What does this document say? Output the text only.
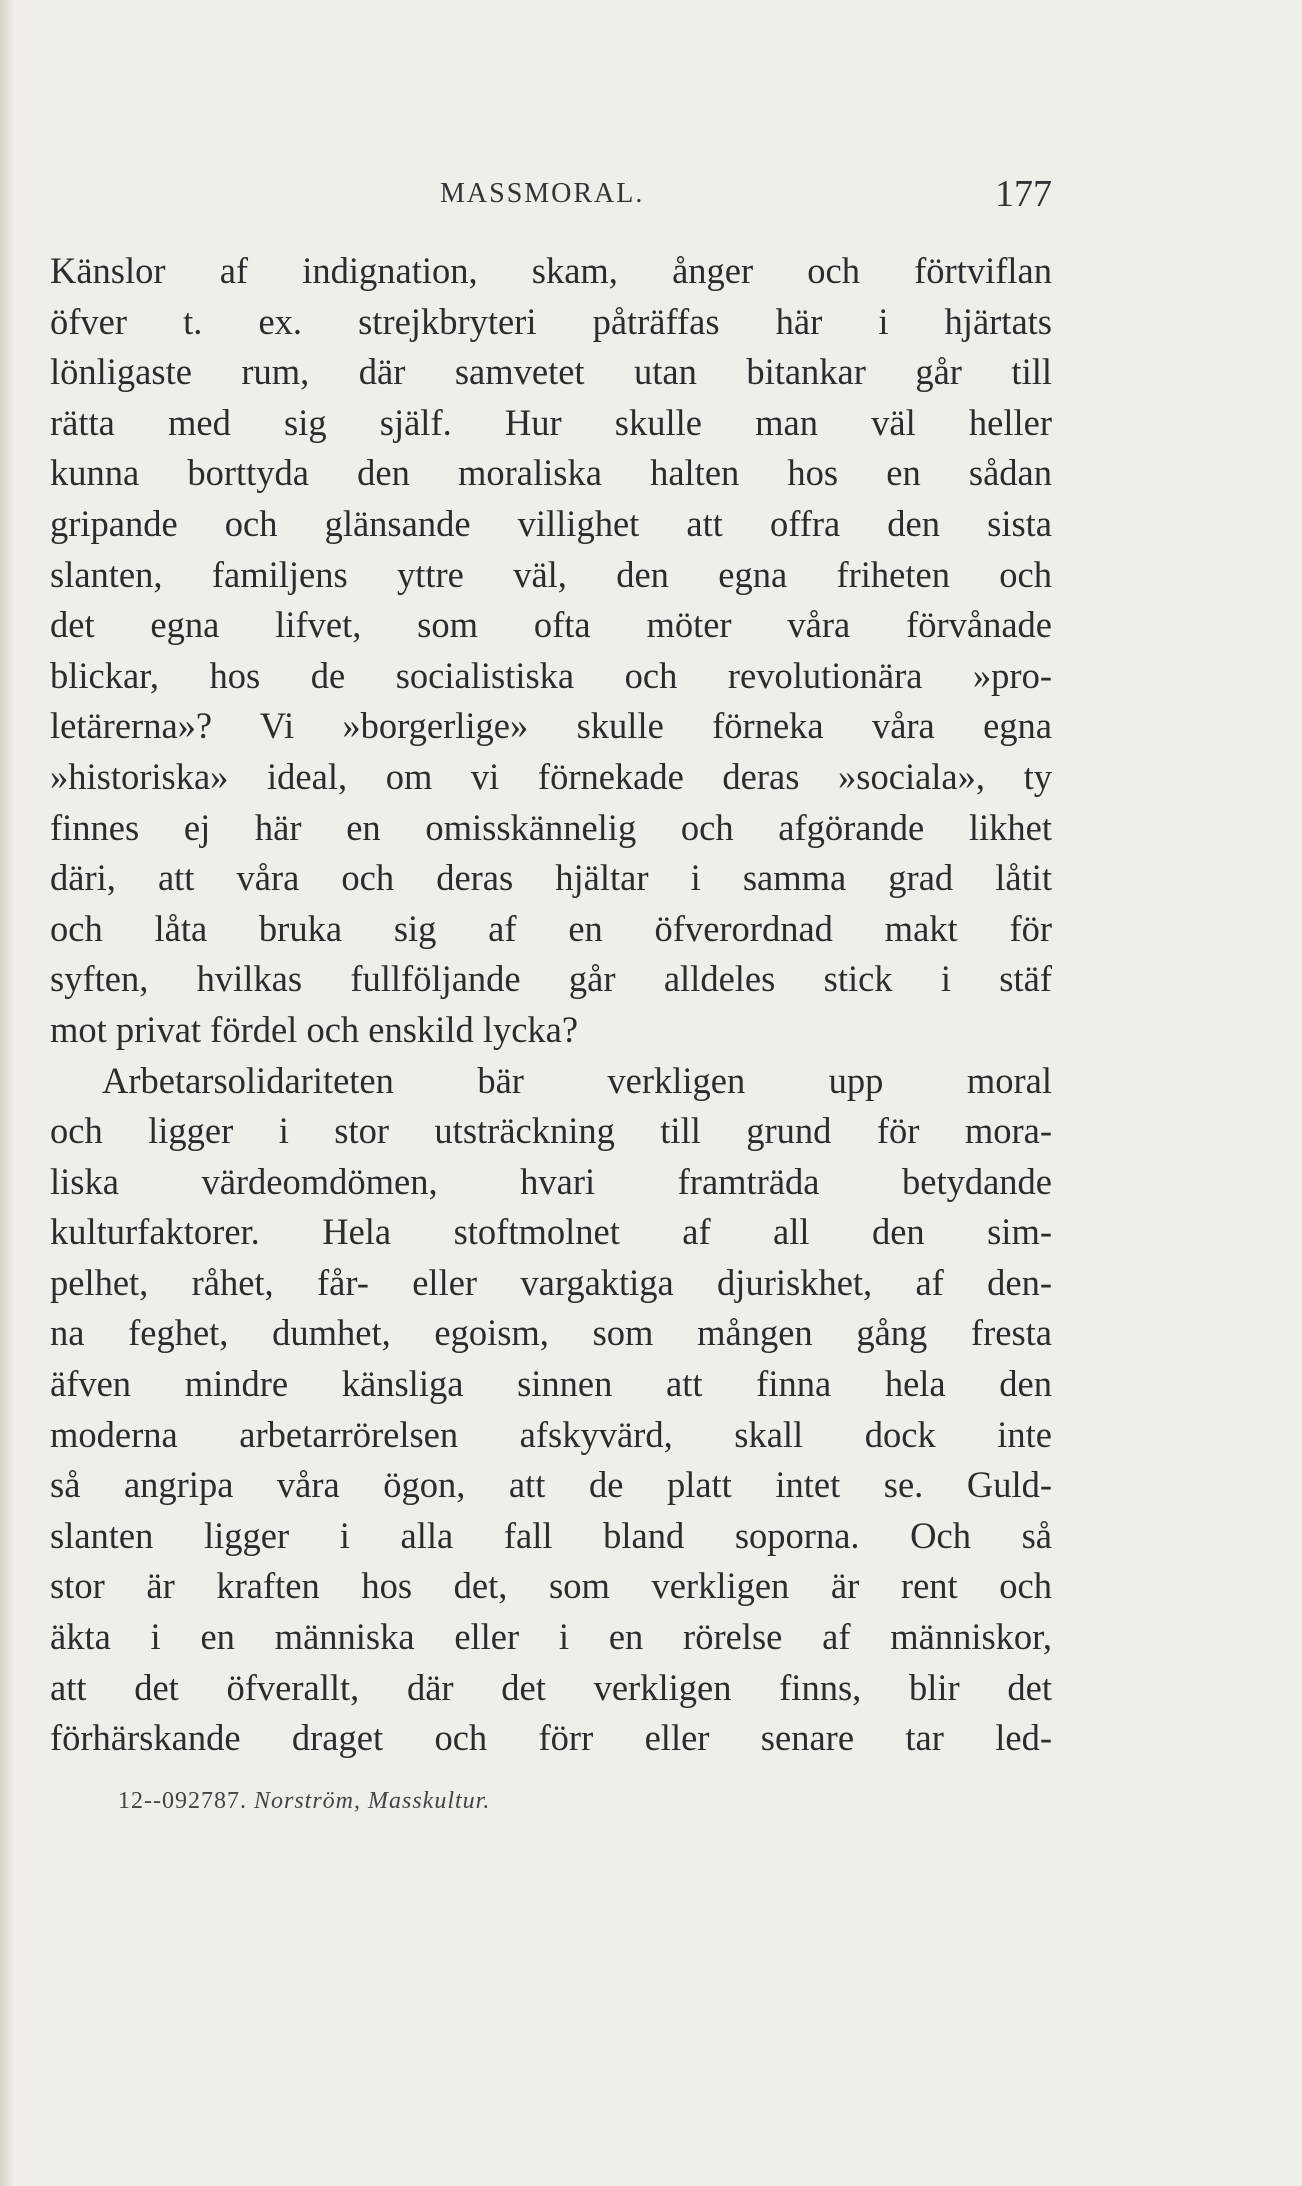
MASSMORAL.	177
Känslor af indignation, skam, ånger och förtviflan
öfver t. ex. strejkbryteri påträffas här i hjärtats
lönligaste rum, där samvetet utan bitankar går till
rätta med sig själf. Hur skulle man väl heller
kunna borttyda den moraliska halten hos en sådan
gripande och glänsande villighet att offra den sista
slanten, familjens yttre väl, den egna friheten och
det egna lifvet, som ofta möter våra förvånade
blickar, hos de socialistiska och revolutionära »pro-
letärerna»? Vi »borgerlige» skulle förneka våra egna
»historiska» ideal, om vi förnekade deras »sociala», ty
finnes ej här en omisskännelig och afgörande likhet
däri, att våra och deras hjältar i samma grad låtit
och låta bruka sig af en öfverordnad makt för
syften, hvilkas fullföljande går alldeles stick i stäf
mot privat fördel och enskild lycka?
Arbetarsolidariteten bär verkligen upp moral
och ligger i stor utsträckning till grund för mora-
liska värdeomdömen, hvari framträda betydande
kulturfaktorer. Hela stoftmolnet af all den sim-
pelhet, råhet, får- eller vargaktiga djuriskhet, af den-
na feghet, dumhet, egoism, som mången gång fresta
äfven mindre känsliga sinnen att finna hela den
moderna arbetarrörelsen afskyvärd, skall dock inte
så angripa våra ögon, att de platt intet se. Guld-
slanten ligger i alla fall bland soporna. Och så
stor är kraften hos det, som verkligen är rent och
äkta i en människa eller i en rörelse af människor,
att det öfverallt, där det verkligen finns, blir det
förhärskande draget och förr eller senare tar led-
12--092787. Norström, Masskultur.
